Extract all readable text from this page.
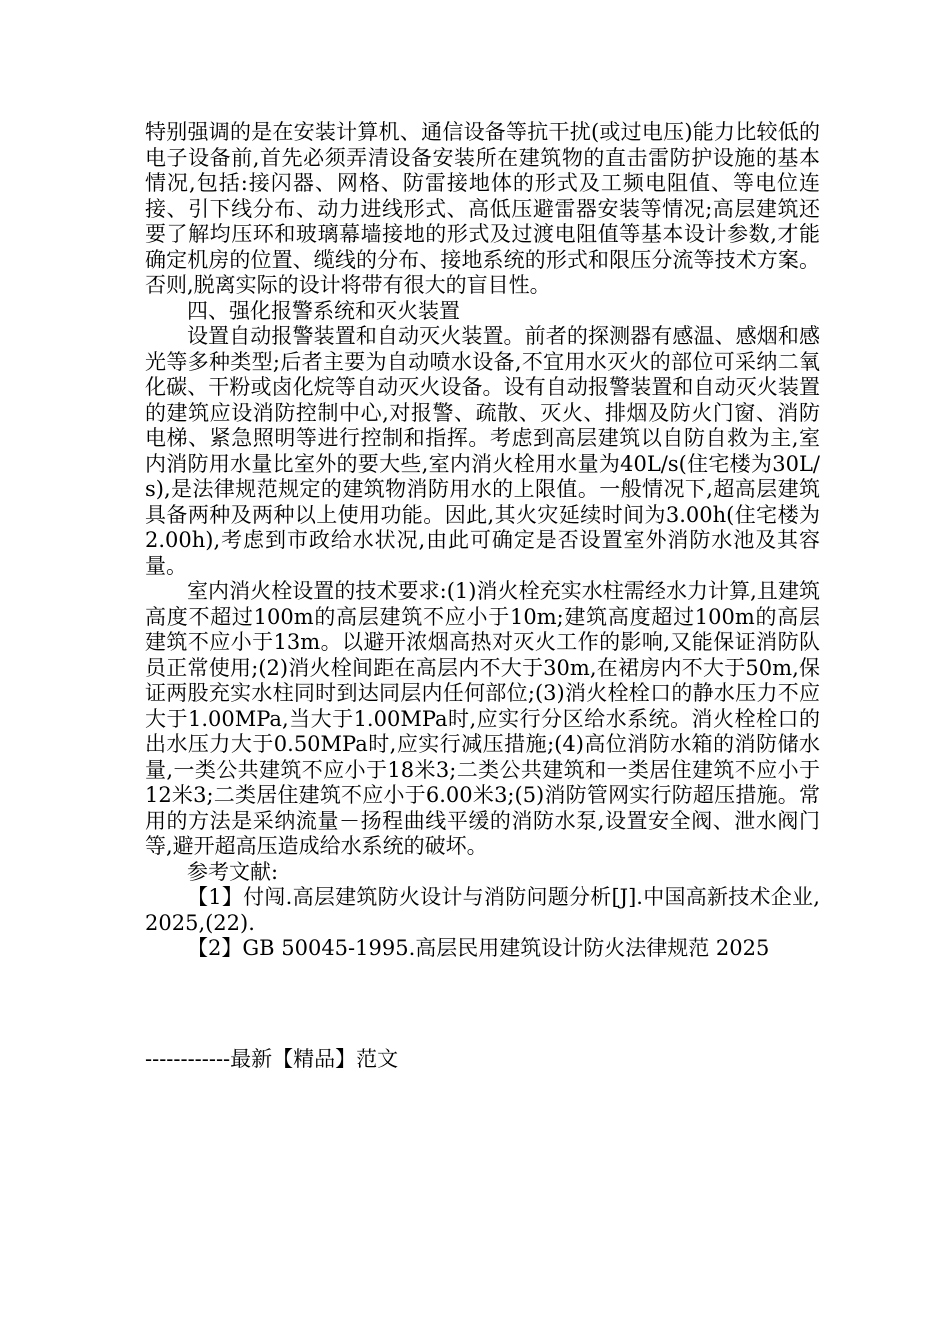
特别强调的是在安装计算机、通信设备等抗干扰(或过电压)能力比较低的电子设备前,首先必须弄清设备安装所在建筑物的直击雷防护设施的基本情况,包括:接闪器、网格、防雷接地体的形式及工频电阻值、等电位连接、引下线分布、动力进线形式、高低压避雷器安装等情况;高层建筑还要了解均压环和玻璃幕墙接地的形式及过渡电阻值等基本设计参数,才能确定机房的位置、缆线的分布、接地系统的形式和限压分流等技术方案。否则,脱离实际的设计将带有很大的盲目性。

四、强化报警系统和灭火装置

设置自动报警装置和自动灭火装置。前者的探测器有感温、感烟和感光等多种类型;后者主要为自动喷水设备,不宜用水灭火的部位可采纳二氧化碳、干粉或卤化烷等自动灭火设备。设有自动报警装置和自动灭火装置的建筑应设消防控制中心,对报警、疏散、灭火、排烟及防火门窗、消防电梯、紧急照明等进行控制和指挥。考虑到高层建筑以自防自救为主,室内消防用水量比室外的要大些,室内消火栓用水量为40L/s(住宅楼为30L/s),是法律规范规定的建筑物消防用水的上限值。一般情况下,超高层建筑具备两种及两种以上使用功能。因此,其火灾延续时间为3.00h(住宅楼为2.00h),考虑到市政给水状况,由此可确定是否设置室外消防水池及其容量。

室内消火栓设置的技术要求:(1)消火栓充实水柱需经水力计算,且建筑高度不超过100m的高层建筑不应小于10m;建筑高度超过100m的高层建筑不应小于13m。以避开浓烟高热对灭火工作的影响,又能保证消防队员正常使用;(2)消火栓间距在高层内不大于30m,在裙房内不大于50m,保证两股充实水柱同时到达同层内任何部位;(3)消火栓栓口的静水压力不应大于1.00MPa,当大于1.00MPa时,应实行分区给水系统。消火栓栓口的出水压力大于0.50MPa时,应实行减压措施;(4)高位消防水箱的消防储水量,一类公共建筑不应小于18米3;二类公共建筑和一类居住建筑不应小于12米3;二类居住建筑不应小于6.00米3;(5)消防管网实行防超压措施。常用的方法是采纳流量－扬程曲线平缓的消防水泵,设置安全阀、泄水阀门等,避开超高压造成给水系统的破坏。

参考文献:

【1】付闯.高层建筑防火设计与消防问题分析[J].中国高新技术企业,2025,(22).

【2】GB 50045-1995.高层民用建筑设计防火法律规范 2025

------------最新【精品】范文
